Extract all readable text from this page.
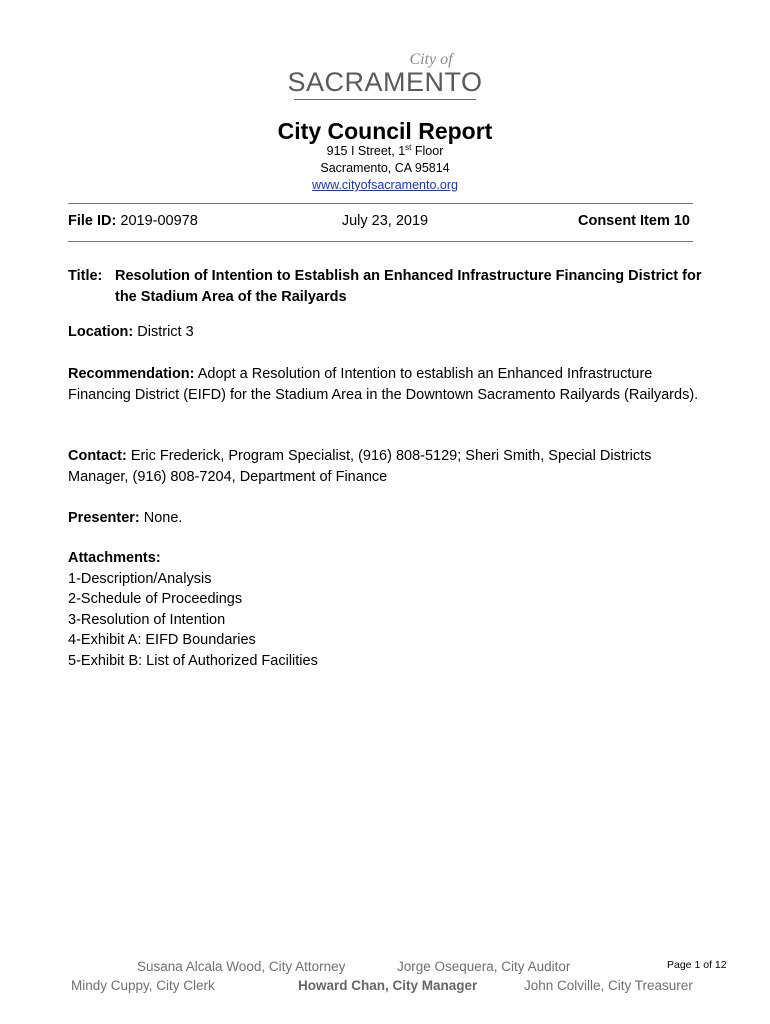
City of
SACRAMENTO
City Council Report
915 I Street, 1st Floor
Sacramento, CA 95814
www.cityofsacramento.org
File ID: 2019-00978	July 23, 2019	Consent Item 10
Title: Resolution of Intention to Establish an Enhanced Infrastructure Financing District for the Stadium Area of the Railyards
Location: District 3
Recommendation: Adopt a Resolution of Intention to establish an Enhanced Infrastructure Financing District (EIFD) for the Stadium Area in the Downtown Sacramento Railyards (Railyards).
Contact: Eric Frederick, Program Specialist, (916) 808-5129; Sheri Smith, Special Districts Manager, (916) 808-7204, Department of Finance
Presenter: None.
Attachments:
1-Description/Analysis
2-Schedule of Proceedings
3-Resolution of Intention
4-Exhibit A: EIFD Boundaries
5-Exhibit B: List of Authorized Facilities
Susana Alcala Wood, City Attorney	Jorge Osequera, City Auditor	Page 1 of 12
Mindy Cuppy, City Clerk	Howard Chan, City Manager	John Colville, City Treasurer
